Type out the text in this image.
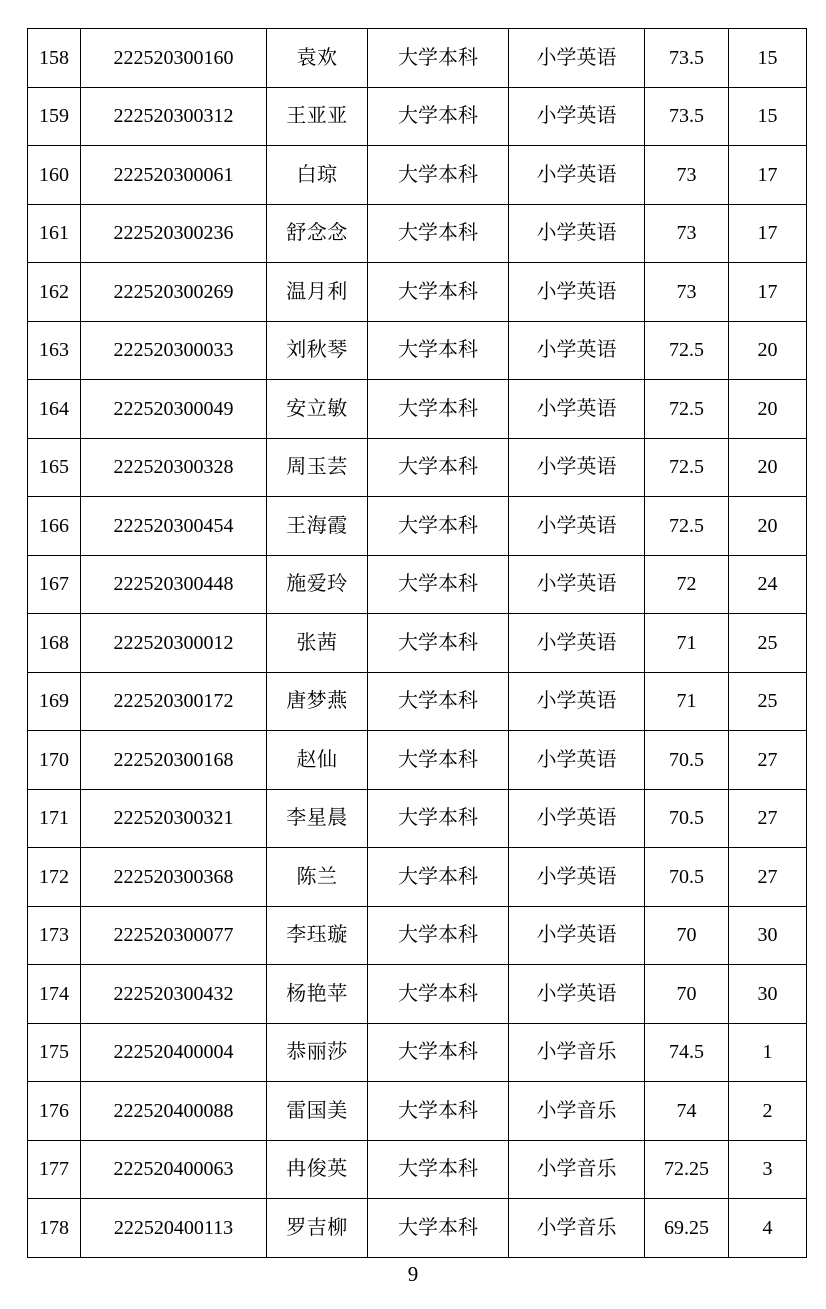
158	222520300160	袁欢	大学本科	小学英语	73.5	15
159	222520300312	王亚亚	大学本科	小学英语	73.5	15
160	222520300061	白琼	大学本科	小学英语	73	17
161	222520300236	舒念念	大学本科	小学英语	73	17
162	222520300269	温月利	大学本科	小学英语	73	17
163	222520300033	刘秋琴	大学本科	小学英语	72.5	20
164	222520300049	安立敏	大学本科	小学英语	72.5	20
165	222520300328	周玉芸	大学本科	小学英语	72.5	20
166	222520300454	王海霞	大学本科	小学英语	72.5	20
167	222520300448	施爱玲	大学本科	小学英语	72	24
168	222520300012	张茜	大学本科	小学英语	71	25
169	222520300172	唐梦燕	大学本科	小学英语	71	25
170	222520300168	赵仙	大学本科	小学英语	70.5	27
171	222520300321	李星晨	大学本科	小学英语	70.5	27
172	222520300368	陈兰	大学本科	小学英语	70.5	27
173	222520300077	李珏璇	大学本科	小学英语	70	30
174	222520300432	杨艳苹	大学本科	小学英语	70	30
175	222520400004	恭丽莎	大学本科	小学音乐	74.5	1
176	222520400088	雷国美	大学本科	小学音乐	74	2
177	222520400063	冉俊英	大学本科	小学音乐	72.25	3
178	222520400113	罗吉柳	大学本科	小学音乐	69.25	4
9
